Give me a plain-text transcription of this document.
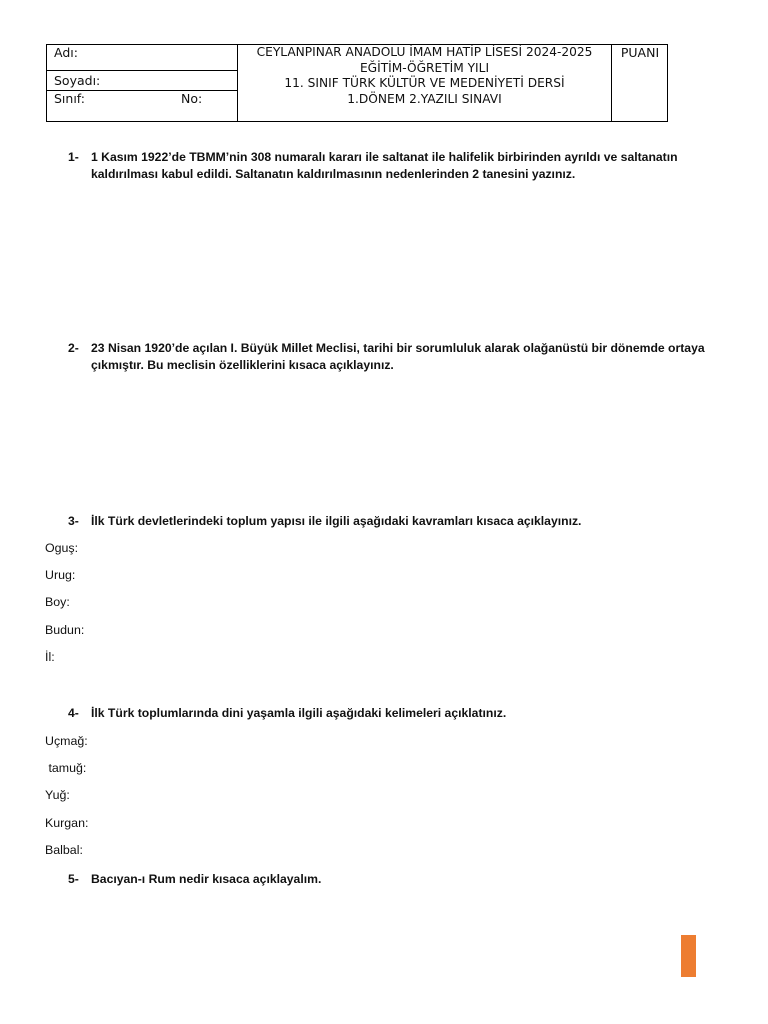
Adı:
Soyadı:
Sınıf:	No:
CEYLANPINAR ANADOLU İMAM HATİP LİSESİ 2024-2025
EĞİTİM-ÖĞRETİM YILI
11. SINIF TÜRK KÜLTÜR VE MEDENİYETİ DERSİ
1.DÖNEM 2.YAZILI SINAVI
PUANI
1- 1 Kasım 1922’de TBMM’nin 308 numaralı kararı ile saltanat ile halifelik birbirinden ayrıldı ve saltanatın
kaldırılması kabul edildi. Saltanatın kaldırılmasının nedenlerinden 2 tanesini yazınız.
2- 23 Nisan 1920’de açılan I. Büyük Millet Meclisi, tarihi bir sorumluluk alarak olağanüstü bir dönemde ortaya
çıkmıştır. Bu meclisin özelliklerini kısaca açıklayınız.
3- İlk Türk devletlerindeki toplum yapısı ile ilgili aşağıdaki kavramları kısaca açıklayınız.
Oguş:
Urug:
Boy:
Budun:
İl:
4- İlk Türk toplumlarında dini yaşamla ilgili aşağıdaki kelimeleri açıklatınız.
Uçmağ:
tamuğ:
Yuğ:
Kurgan:
Balbal:
5- Bacıyan-ı Rum nedir kısaca açıklayalım.
